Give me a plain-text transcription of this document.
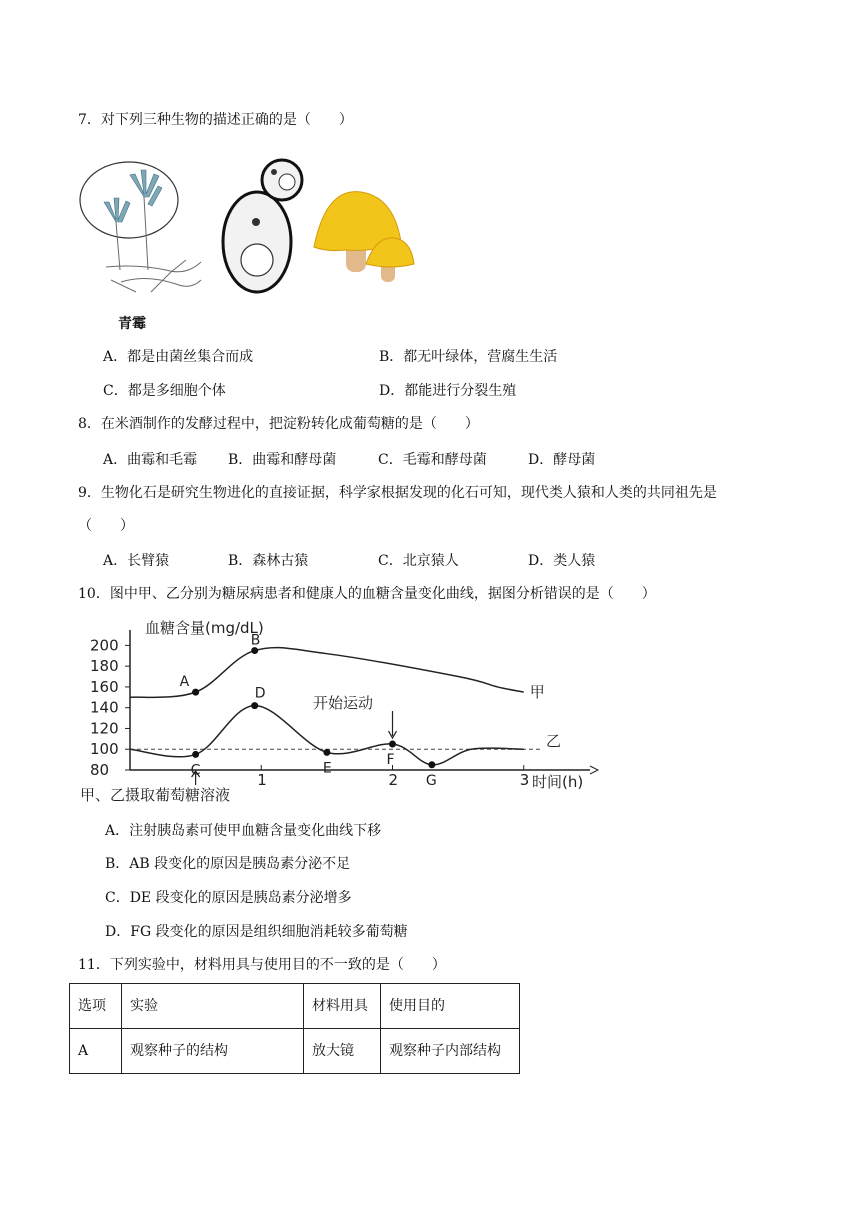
7．对下列三种生物的描述正确的是（　　）
青霉
A．都是由菌丝集合而成	B．都无叶绿体，营腐生生活
C．都是多细胞个体	D．都能进行分裂生殖
8．在米酒制作的发酵过程中，把淀粉转化成葡萄糖的是（　　）
A．曲霉和毛霉 B．曲霉和酵母菌	C．毛霉和酵母菌	D．酵母菌
9．生物化石是研究生物进化的直接证据，科学家根据发现的化石可知，现代类人猿和人类的共同祖先是
（　　）
A．长臂猿	B．森林古猿	C．北京猿人	D．类人猿
10．图中甲、乙分别为糖尿病患者和健康人的血糖含量变化曲线，据图分析错误的是（　　）
血糖含量(mg/dL)
时间(h)
开始运动
甲、乙摄取葡萄糖溶液
乙
200
180
160
140
120
100
80
1	2	3
甲
A
B
C
D
E
F
G
A．注射胰岛素可使甲血糖含量变化曲线下移
B．AB 段变化的原因是胰岛素分泌不足
C．DE 段变化的原因是胰岛素分泌增多
D．FG 段变化的原因是组织细胞消耗较多葡萄糖
11．下列实验中，材料用具与使用目的不一致的是（　　）
选项	实验	材料用具	使用目的
A	观察种子的结构	放大镜	观察种子内部结构
